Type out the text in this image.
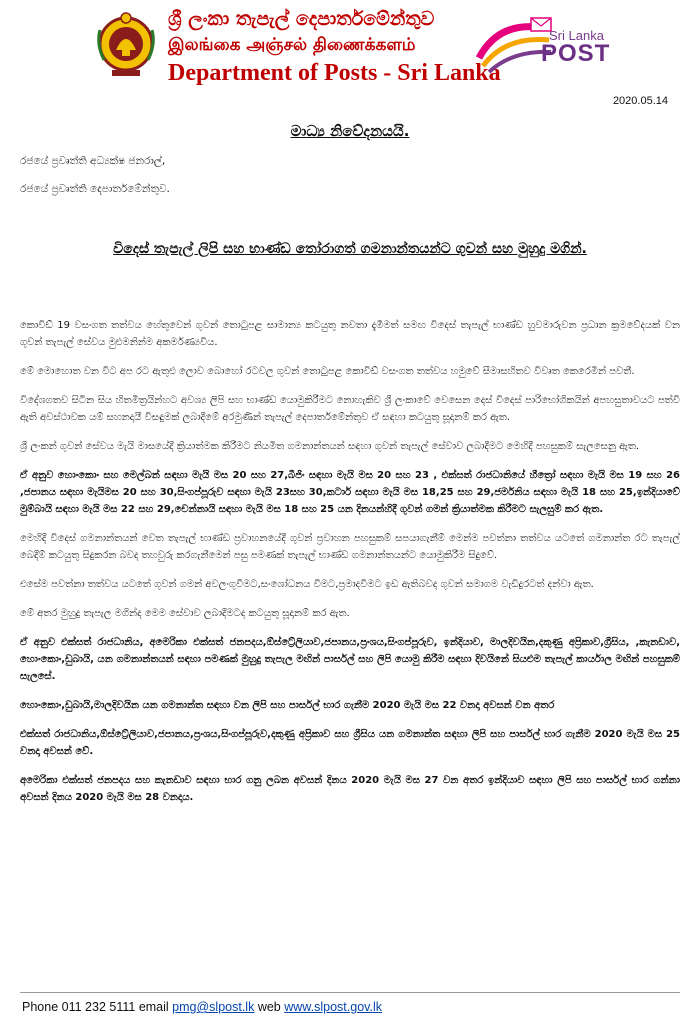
ශ්‍රී ලංකා තැපැල් දෙපාර්තමේන්තුව
இலங்கை அஞ்சல் திணைக்களம்
Department of Posts - Sri Lanka
Sri Lanka
POST
2020.05.14
මාධ්‍ය නිවේදනයයි.
රජයේ ප්‍රවෘත්ති අධ්‍යක්ෂ ජනරාල්,
රජයේ ප්‍රවෘත්ති දෙපාර්තමේන්තුව.
විදෙස් තැපැල් ලිපි සහ භාණ්ඩ තෝරාගත් ගමනාන්තයන්ට ගුවන් සහ මුහුදු මගින්.

කොවිඩ් 19 වසංගත තත්වය හේතුවෙන් ගුවන් තොටුපළ සාමාන්‍ය කටයුතු නවතා දැමීමත් සමඟ විදෙස් තැපැල් භාණ්ඩ හුවමාරුවන ප්‍රධාන ක්‍රමවේදයක් වන ගුවන් තැපැල් සේවය මුළුමනින්ම අකර්මණ්‍යවිය.

මේ මොහොත වන විට අප රට ඇතුළු ලොව බොහෝ රටවල ගුවන් තොටුපළ කොවිඩ් වසංගත තත්වය හමුවේ සීමාසහිතව විවෘත කෙරෙමින් පවතී.

විදේශගතව සිටින සිය හිතමිත්‍රයින්හට අවශ්‍ය ලිපි සහ භාණ්ඩ යොමුකිරීමට නොහැකිව ශ්‍රී ලංකාවේ වෙසෙන දෙස් විදෙස් පාරිභෝගිකයින් අපහසුතාවයට පත්වී ඇති අවස්ථාවක යම් සහනදායී විසඳුමක් ලබාදීමේ අරමුණින් තැපැල් දෙපාර්තමේන්තුව ඒ සඳහා කටයුතු සූදානම් කර ඇත.

ශ්‍රී ලංකන් ගුවන් සේවය මැයි මාසයේදී ක්‍රියාත්මක කිරීමට නියමිත ගමනාන්තයන් සඳහා ගුවන් තැපැල් සේවාව ලබාදීමට මෙහිදී පහසුකම් සැලසෙනු ඇත.

ඒ අනුව හොංකොං සහ මෙල්බන් සඳහා මැයි මස 20 සහ 27,බීජිං සඳහා මැයි මස 20 සහ 23 , එක්සත් රාජධානියේ හීත්‍රෝ සඳහා මැයි මස 19 සහ 26 ,ජපානය සඳහා මැයිමස 20 සහ 30,සිංගප්පූරුව සඳහා මැයි 23සහ 30,කටාර් සඳහා මැයි මස 18,25 සහ 29,ජර්මනිය සඳහා මැයි 18 සහ 25,ඉන්දියාවේ මුම්බායි සඳහා මැයි මස 22 සහ 29,චෙන්නායි සඳහා මැයි මස 18 සහ 25 යන දිනයන්හිදී ගුවන් ගමන් ක්‍රියාත්මක කිරීමට සැලසුම් කර ඇත.

මෙහිදී විදෙස් ගමනාන්තයන් වෙත තැපැල් භාණ්ඩ ප්‍රවාහනයේදී ගුවන් ප්‍රවාහන පහසුකම් සපයාගැනීම් මෙන්ම පවත්නා තත්වය යටතේ ගමනාන්ත රට තැපැල් බෙදීම් කටයුතු සිදුකරන බවද තහවුරු කරගැනීමෙන් පසු පමණක් තැපැල් භාණ්ඩ ගමනාන්තයන්ට යොමුකිරීම සිදුවේ.

එසේම පවත්නා තත්වය යටතේ ගුවන් ගමන් අවලංගුවීමට,සංශෝධනය වීමට,ප්‍රමාදවීමට ඉඩ ඇතිබවද ගුවන් සමාගම වැඩිදුරටත් දන්වා ඇත.

මේ අතර මුහුදු තැපැල මගින්ද මෙම සේවාව ලබාදීමටද කටයුතු සූදානම් කර ඇත.

ඒ අනුව එක්සත් රාජධානිය, අමෙරිකා එක්සත් ජනපදය,ඕස්ට්‍රේලියාව,ජපානය,ප්‍රංශය,සිංගප්පූරුව, ඉන්දියාව, මාලදිවයින,දකුණු අප්‍රිකාව,ග්‍රීසිය, ,කැනඩාව, හොංකොං,ඩුබායි, යන ගමනාන්තයන් සඳහා පමණක් මුහුදු තැපැල මඟින් පාර්සල් සහ ලිපි යොමු කිරීම සඳහා දිවයිනේ සියළුම තැපැල් කාර්යාල මඟින් පහසුකම් සැලසේ.

හොංකොං,ඩුබායි,මාලදිවයින යන ගමනාන්ත සඳහා වන ලිපි සහ පාර්සල් භාර ගැනීම 2020 මැයි මස 22 වනදා අවසන් වන අතර

එක්සත් රාජධානිය,ඕස්ට්‍රේලියාව,ජපානය,ප්‍රංශය,සිංගප්පූරුව,දකුණු අප්‍රිකාව සහ ග්‍රීසිය යන ගමනාන්ත සඳහා ලිපි සහ පාර්සල් භාර ගැනීම 2020 මැයි මස 25 වනදා අවසන් වේ.

අමෙරිකා එක්සත් ජනපදය සහ කැනඩාව සඳහා භාර ගනු ලබන අවසන් දිනය 2020 මැයි මස 27 වන අතර ඉන්දියාව සඳහා ලිපි සහ පාර්සල් භාර ගන්නා අවසන් දිනය 2020 මැයි මස 28 වනදාය.

Phone 011 232 5111 email pmg@slpost.lk web www.slpost.gov.lk
